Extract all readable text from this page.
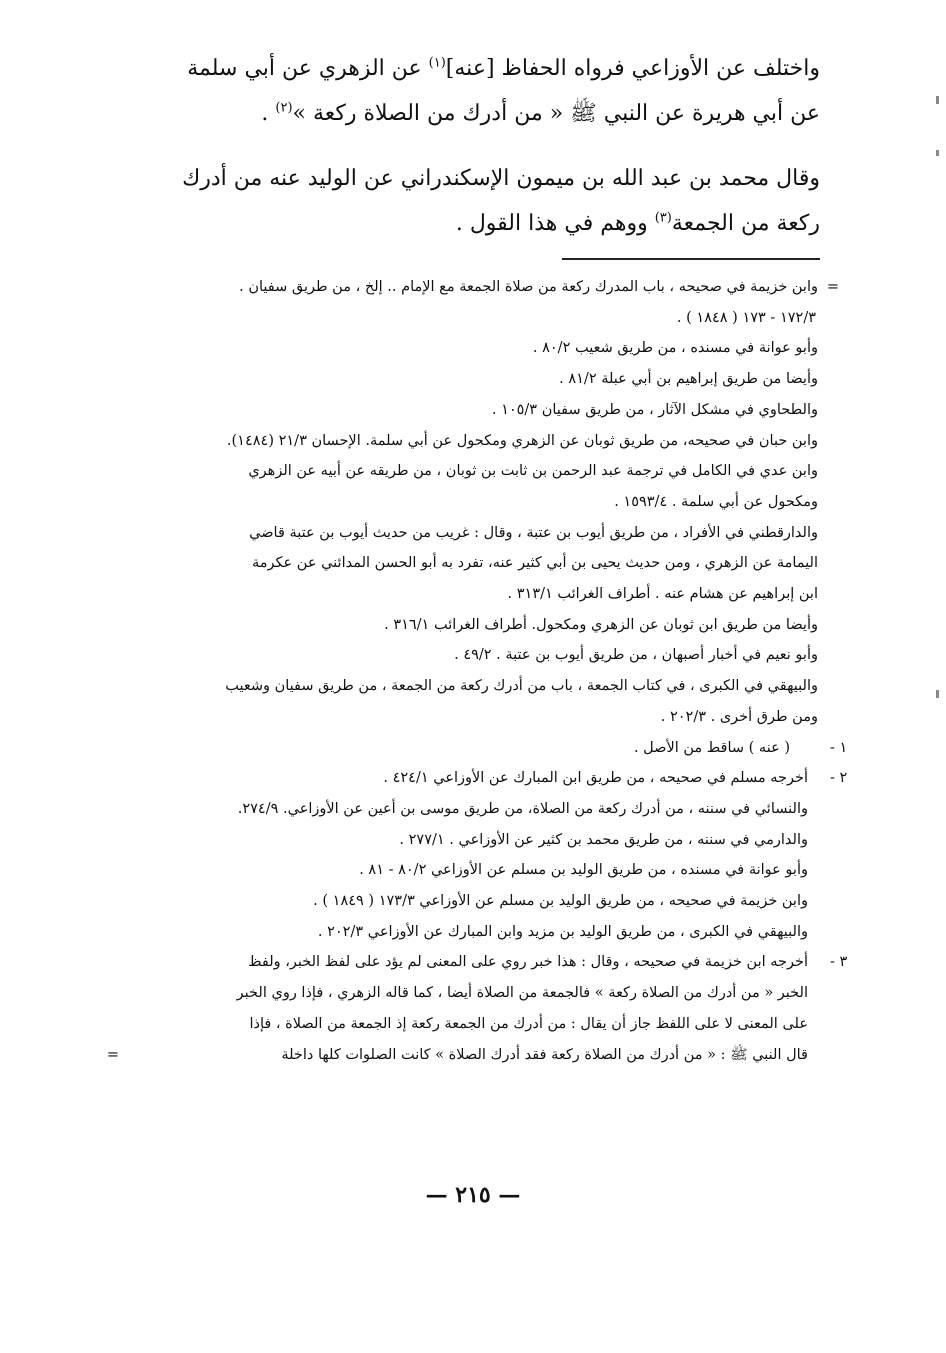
واختلف عن الأوزاعي فرواه الحفاظ [عنه]$^{(١)}$ عن الزهري عن أبي سلمة
عن أبي هريرة عن النبي ﷺ « من أدرك من الصلاة ركعة »$^{(٢)}$ .

وقال محمد بن عبد الله بن ميمون الإسكندراني عن الوليد عنه من أدرك
ركعة من الجمعة$^{(٣)}$ ووهم في هذا القول .

=
وابن خزيمة في صحيحه ، باب المدرك ركعة من صلاة الجمعة مع الإمام .. إلخ ، من طريق سفيان .
١٧٢/٣ - ١٧٣ ( ١٨٤٨ ) .
وأبو عوانة في مسنده ، من طريق شعيب ٨٠/٢ .
وأيضا من طريق إبراهيم بن أبي عبلة ٨١/٢ .
والطحاوي في مشكل الآثار ، من طريق سفيان ١٠٥/٣ .
وابن حبان في صحيحه، من طريق ثوبان عن الزهري ومكحول عن أبي سلمة. الإحسان ٢١/٣ (١٤٨٤).
وابن عدي في الكامل في ترجمة عبد الرحمن بن ثابت بن ثوبان ، من طريقه عن أبيه عن الزهري
ومكحول عن أبي سلمة . ١٥٩٣/٤ .
والدارقطني في الأفراد ، من طريق أيوب بن عتبة ، وقال : غريب من حديث أيوب بن عتبة قاضي
اليمامة عن الزهري ، ومن حديث يحيى بن أبي كثير عنه، تفرد به أبو الحسن المدائني عن عكرمة
ابن إبراهيم عن هشام عنه . أطراف الغرائب ٣١٣/١ .
وأيضا من طريق ابن ثوبان عن الزهري ومكحول. أطراف الغرائب ٣١٦/١ .
وأبو نعيم في أخبار أصبهان ، من طريق أيوب بن عتبة . ٤٩/٢ .
والبيهقي في الكبرى ، في كتاب الجمعة ، باب من أدرك ركعة من الجمعة ، من طريق سفيان وشعيب
ومن طرق أخرى . ٢٠٢/٣ .
١ -
( عنه ) ساقط من الأصل .
٢ -
أخرجه مسلم في صحيحه ، من طريق ابن المبارك عن الأوزاعي ٤٢٤/١ .
والنسائي في سننه ، من أدرك ركعة من الصلاة، من طريق موسى بن أعين عن الأوزاعي. ٢٧٤/٩.
والدارمي في سننه ، من طريق محمد بن كثير عن الأوزاعي . ٢٧٧/١ .
وأبو عوانة في مسنده ، من طريق الوليد بن مسلم عن الأوزاعي ٨٠/٢ - ٨١ .
وابن خزيمة في صحيحه ، من طريق الوليد بن مسلم عن الأوزاعي ١٧٣/٣ ( ١٨٤٩ ) .
والبيهقي في الكبرى ، من طريق الوليد بن مزيد وابن المبارك عن الأوزاعي ٢٠٢/٣ .
٣ -
أخرجه ابن خزيمة في صحيحه ، وقال : هذا خبر روي على المعنى لم يؤد على لفظ الخبر، ولفظ
الخبر « من أدرك من الصلاة ركعة » فالجمعة من الصلاة أيضا ، كما قاله الزهري ، فإذا روي الخبر
على المعنى لا على اللفظ جاز أن يقال : من أدرك من الجمعة ركعة إذ الجمعة من الصلاة ، فإذا
قال النبي ﷺ : « من أدرك من الصلاة ركعة فقد أدرك الصلاة » كانت الصلوات كلها داخلة
=
— ٢١٥ —
